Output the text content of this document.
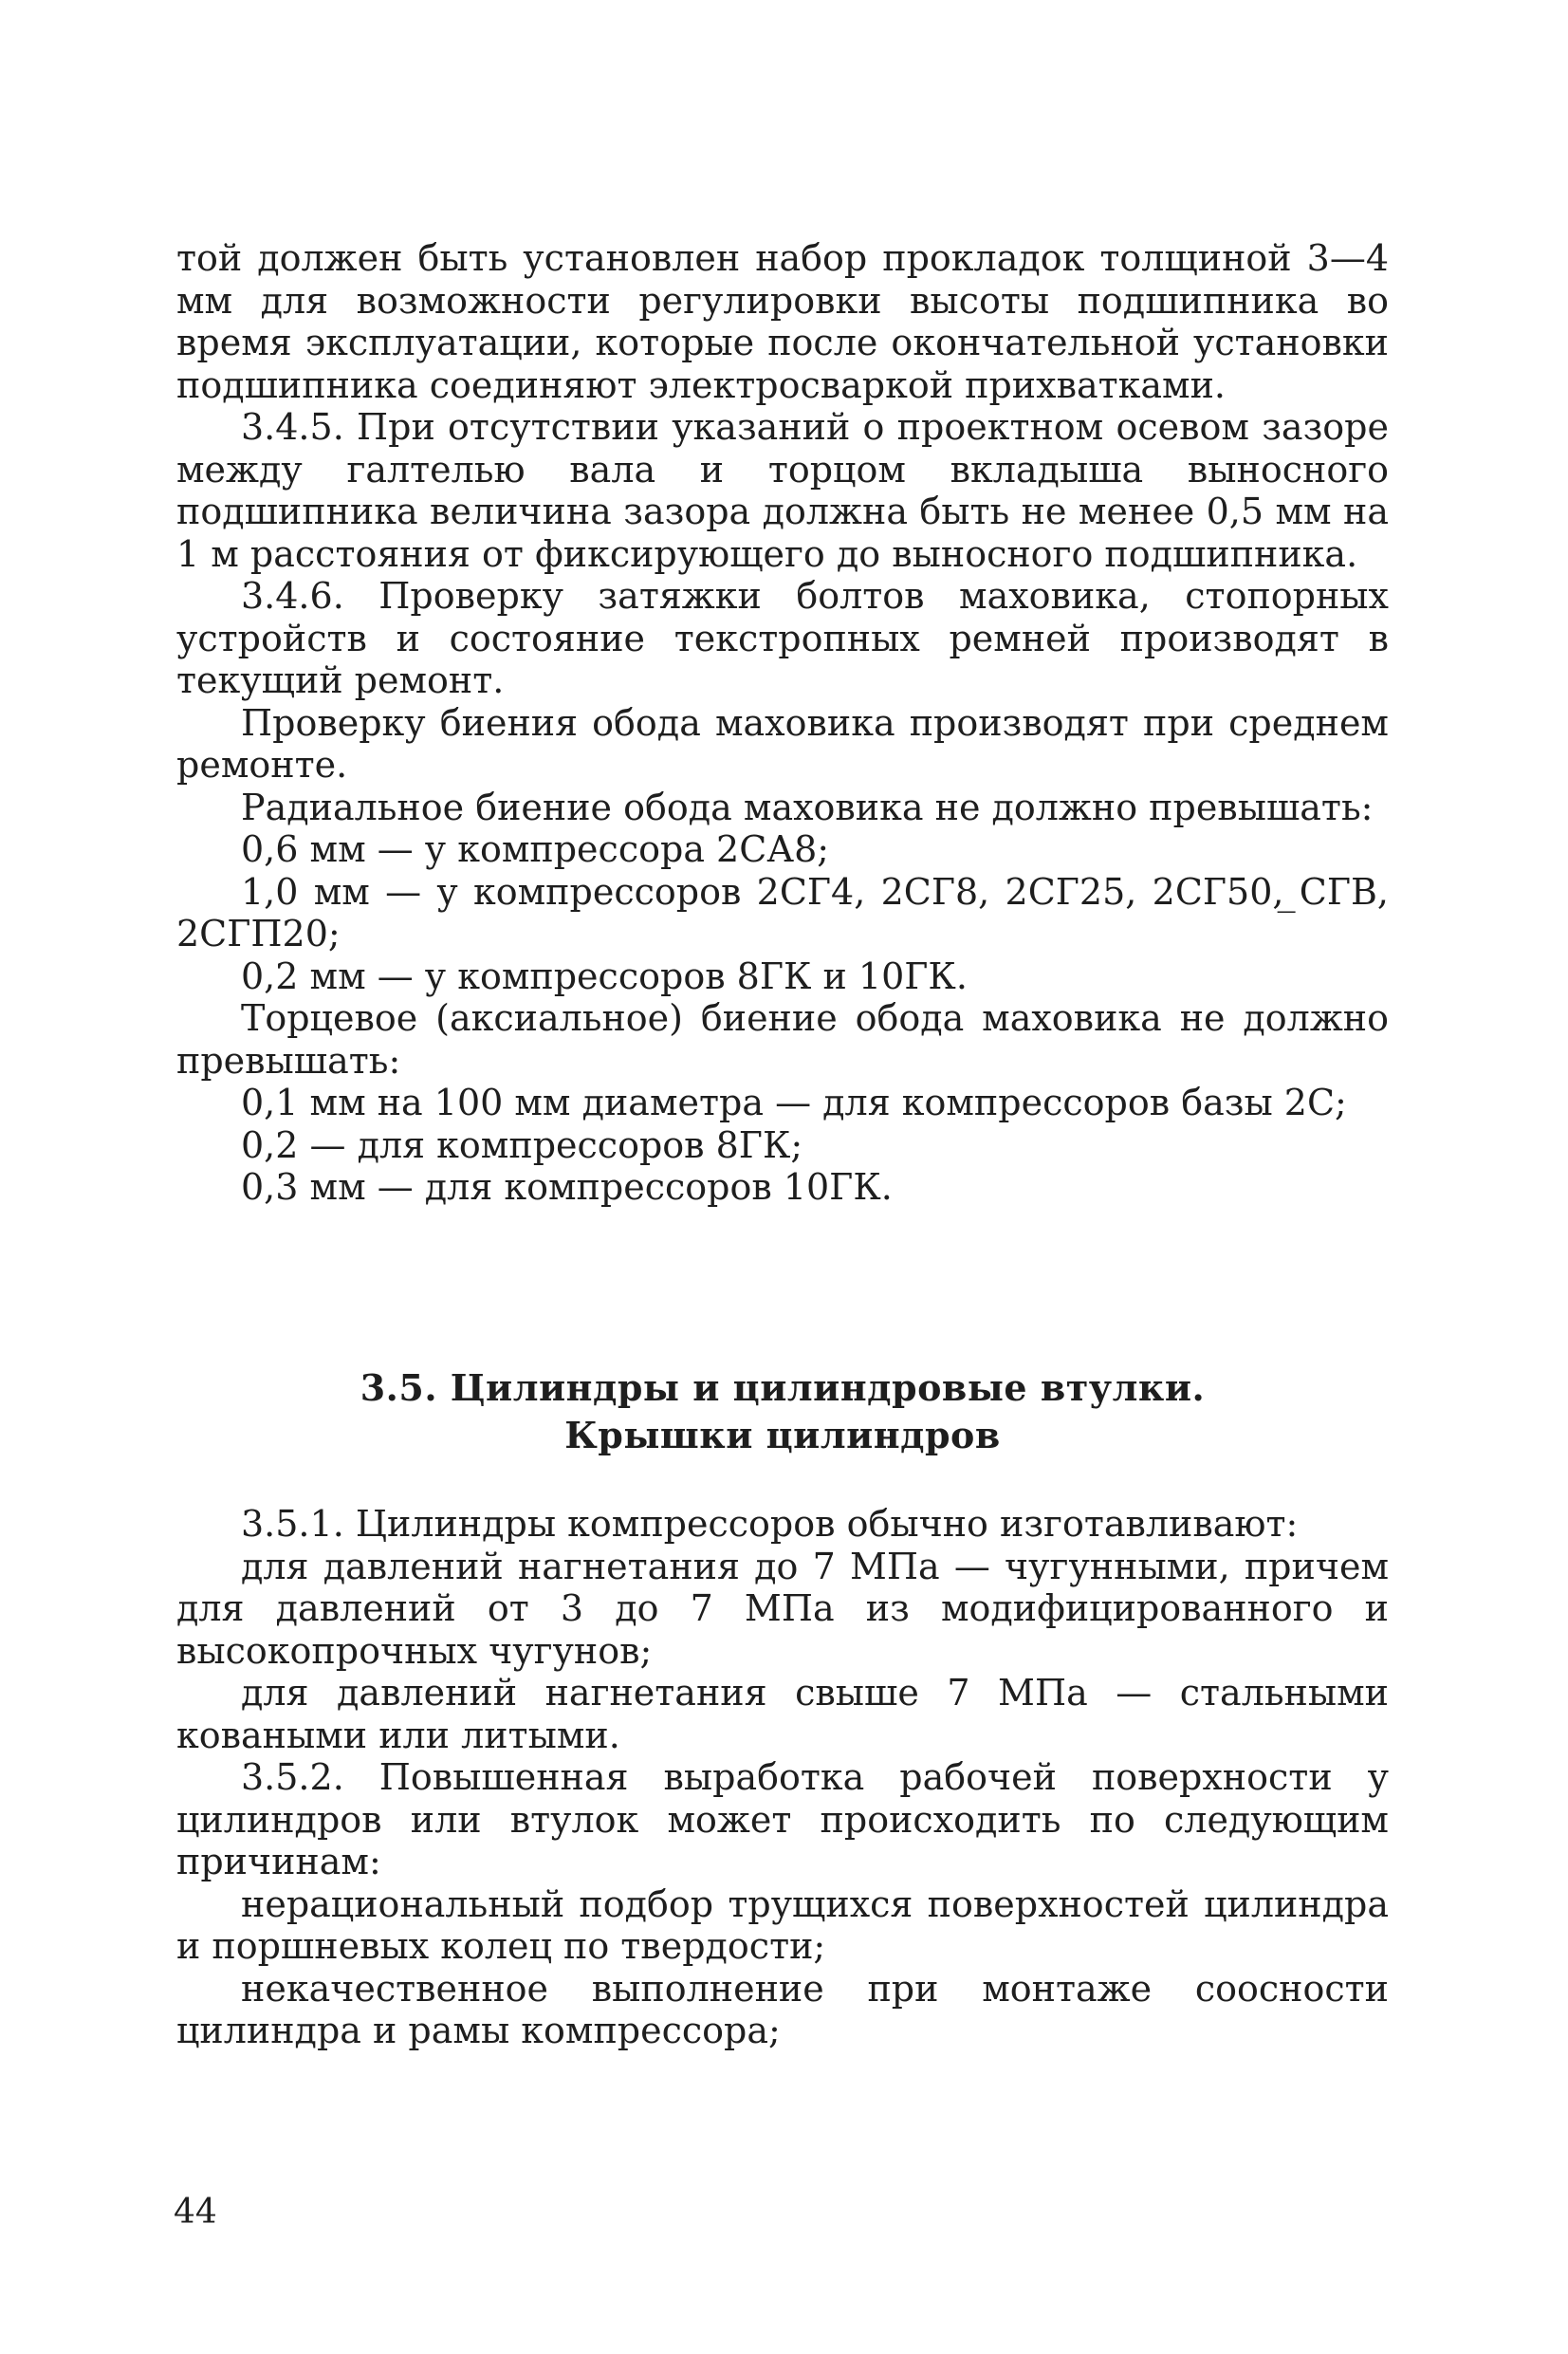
той должен быть установлен набор прокладок толщиной 3—4 мм для возможности регулировки высоты подшипника во время эксплуатации, которые после окончательной установки подшипника соединяют электросваркой прихватками.

3.4.5. При отсутствии указаний о проектном осевом зазоре между галтелью вала и торцом вкладыша выносного подшипника величина зазора должна быть не менее 0,5 мм на 1 м расстояния от фиксирующего до выносного подшипника.

3.4.6. Проверку затяжки болтов маховика, стопорных устройств и состояние текстропных ремней производят в текущий ремонт.

Проверку биения обода маховика производят при среднем ремонте.

Радиальное биение обода маховика не должно превышать:

0,6 мм — у компрессора 2СА8;

1,0 мм — у компрессоров 2СГ4, 2СГ8, 2СГ25, 2СГ50, ̲СГВ, 2СГП20;

0,2 мм — у компрессоров 8ГК и 10ГК.

Торцевое (аксиальное) биение обода маховика не должно превышать:

0,1 мм на 100 мм диаметра — для компрессоров базы 2С;

0,2 — для компрессоров 8ГК;

0,3 мм — для компрессоров 10ГК.

3.5. Цилиндры и цилиндровые втулки.
Крышки цилиндров

3.5.1. Цилиндры компрессоров обычно изготавливают:

для давлений нагнетания до 7 МПа — чугунными, причем для давлений от 3 до 7 МПа из модифицированного и высокопрочных чугунов;

для давлений нагнетания свыше 7 МПа — стальными коваными или литыми.

3.5.2. Повышенная выработка рабочей поверхности у цилиндров или втулок может происходить по следующим причинам:

нерациональный подбор трущихся поверхностей цилиндра и поршневых колец по твердости;

некачественное выполнение при монтаже соосности цилиндра и рамы компрессора;

44
